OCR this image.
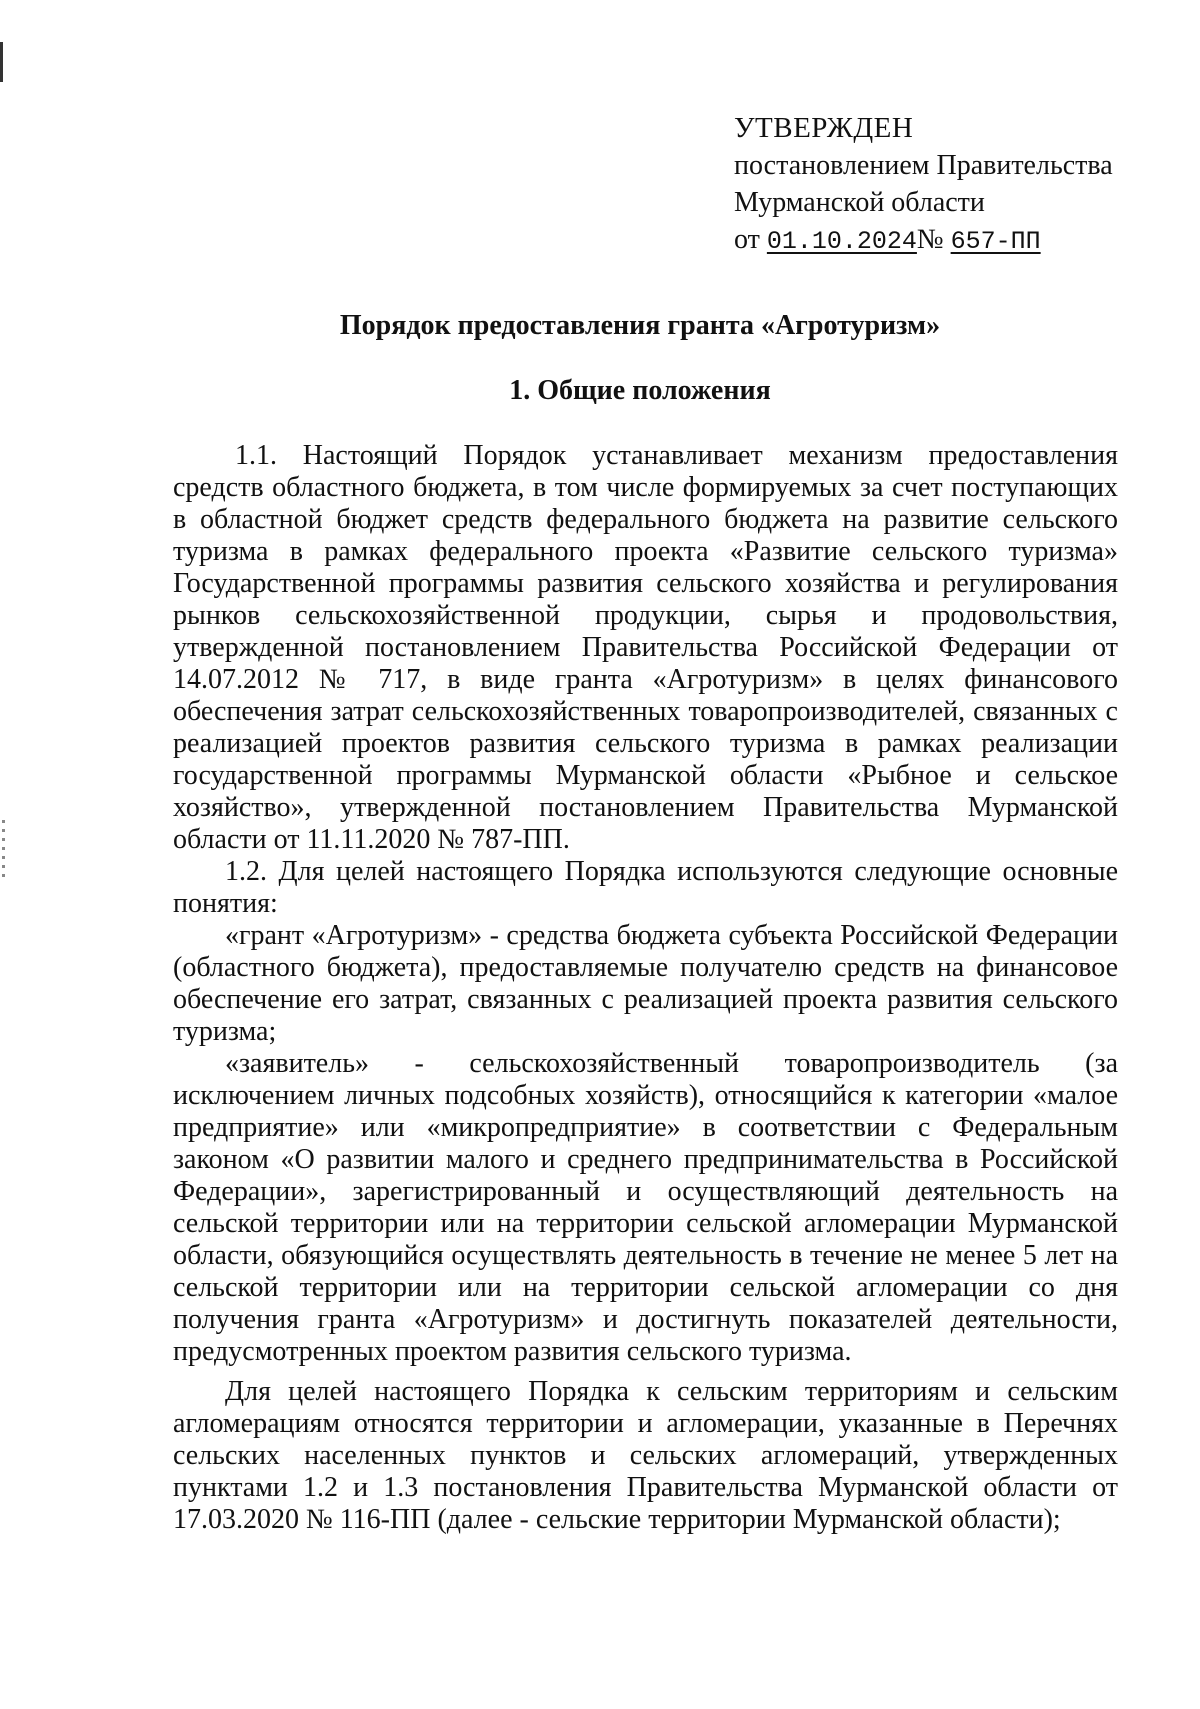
УТВЕРЖДЕН
постановлением Правительства
Мурманской области
от 01.10.2024№ 657-ПП
Порядок предоставления гранта «Агротуризм»
1. Общие положения

1.1. Настоящий Порядок устанавливает механизм предоставления средств областного бюджета, в том числе формируемых за счет поступающих в областной бюджет средств федерального бюджета на развитие сельского туризма в рамках федерального проекта «Развитие сельского туризма» Государственной программы развития сельского хозяйства и регулирования рынков сельскохозяйственной продукции, сырья и продовольствия, утвержденной постановлением Правительства Российской Федерации от 14.07.2012 № 717, в виде гранта «Агротуризм» в целях финансового обеспечения затрат сельскохозяйственных товаропроизводителей, связанных с реализацией проектов развития сельского туризма в рамках реализации государственной программы Мурманской области «Рыбное и сельское хозяйство», утвержденной постановлением Правительства Мурманской области от 11.11.2020 № 787-ПП.

1.2. Для целей настоящего Порядка используются следующие основные понятия:

«грант «Агротуризм» - средства бюджета субъекта Российской Федерации (областного бюджета), предоставляемые получателю средств на финансовое обеспечение его затрат, связанных с реализацией проекта развития сельского туризма;

«заявитель» - сельскохозяйственный товаропроизводитель (за исключением личных подсобных хозяйств), относящийся к категории «малое предприятие» или «микропредприятие» в соответствии с Федеральным законом «О развитии малого и среднего предпринимательства в Российской Федерации», зарегистрированный и осуществляющий деятельность на сельской территории или на территории сельской агломерации Мурманской области, обязующийся осуществлять деятельность в течение не менее 5 лет на сельской территории или на территории сельской агломерации со дня получения гранта «Агротуризм» и достигнуть показателей деятельности, предусмотренных проектом развития сельского туризма.

Для целей настоящего Порядка к сельским территориям и сельским агломерациям относятся территории и агломерации, указанные в Перечнях сельских населенных пунктов и сельских агломераций, утвержденных пунктами 1.2 и 1.3 постановления Правительства Мурманской области от 17.03.2020 № 116-ПП (далее - сельские территории Мурманской области);
